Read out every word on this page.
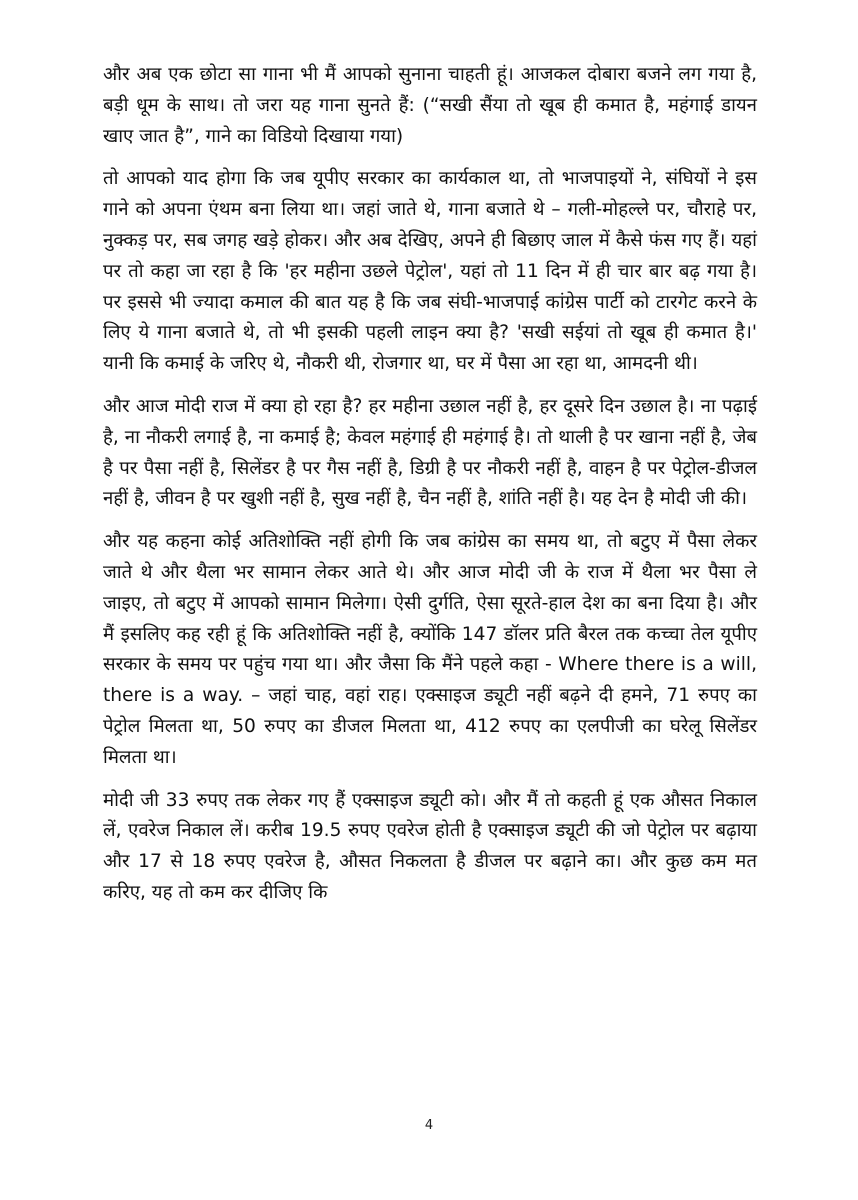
और अब एक छोटा सा गाना भी मैं आपको सुनाना चाहती हूं। आजकल दोबारा बजने लग गया है, बड़ी धूम के साथ। तो जरा यह गाना सुनते हैं: (“सखी सैंया तो खूब ही कमात है, महंगाई डायन खाए जात है”, गाने का विडियो दिखाया गया)

तो आपको याद होगा कि जब यूपीए सरकार का कार्यकाल था, तो भाजपाइयों ने, संघियों ने इस गाने को अपना एंथम बना लिया था। जहां जाते थे, गाना बजाते थे – गली-मोहल्ले पर, चौराहे पर, नुक्कड़ पर, सब जगह खड़े होकर। और अब देखिए, अपने ही बिछाए जाल में कैसे फंस गए हैं। यहां पर तो कहा जा रहा है कि 'हर महीना उछले पेट्रोल', यहां तो 11 दिन में ही चार बार बढ़ गया है। पर इससे भी ज्यादा कमाल की बात यह है कि जब संघी-भाजपाई कांग्रेस पार्टी को टारगेट करने के लिए ये गाना बजाते थे, तो भी इसकी पहली लाइन क्या है? 'सखी सईयां तो खूब ही कमात है।' यानी कि कमाई के जरिए थे, नौकरी थी, रोजगार था, घर में पैसा आ रहा था, आमदनी थी।

और आज मोदी राज में क्या हो रहा है? हर महीना उछाल नहीं है, हर दूसरे दिन उछाल है। ना पढ़ाई है, ना नौकरी लगाई है, ना कमाई है; केवल महंगाई ही महंगाई है। तो थाली है पर खाना नहीं है, जेब है पर पैसा नहीं है, सिलेंडर है पर गैस नहीं है, डिग्री है पर नौकरी नहीं है, वाहन है पर पेट्रोल-डीजल नहीं है, जीवन है पर खुशी नहीं है, सुख नहीं है, चैन नहीं है, शांति नहीं है। यह देन है मोदी जी की।

और यह कहना कोई अतिशोक्ति नहीं होगी कि जब कांग्रेस का समय था, तो बटुए में पैसा लेकर जाते थे और थैला भर सामान लेकर आते थे। और आज मोदी जी के राज में थैला भर पैसा ले जाइए, तो बटुए में आपको सामान मिलेगा। ऐसी दुर्गति, ऐसा सूरते-हाल देश का बना दिया है। और मैं इसलिए कह रही हूं कि अतिशोक्ति नहीं है, क्योंकि 147 डॉलर प्रति बैरल तक कच्चा तेल यूपीए सरकार के समय पर पहुंच गया था। और जैसा कि मैंने पहले कहा - Where there is a will, there is a way. – जहां चाह, वहां राह। एक्साइज ड्यूटी नहीं बढ़ने दी हमने, 71 रुपए का पेट्रोल मिलता था, 50 रुपए का डीजल मिलता था, 412 रुपए का एलपीजी का घरेलू सिलेंडर मिलता था।

मोदी जी 33 रुपए तक लेकर गए हैं एक्साइज ड्यूटी को। और मैं तो कहती हूं एक औसत निकाल लें, एवरेज निकाल लें। करीब 19.5 रुपए एवरेज होती है एक्साइज ड्यूटी की जो पेट्रोल पर बढ़ाया और 17 से 18 रुपए एवरेज है, औसत निकलता है डीजल पर बढ़ाने का। और कुछ कम मत करिए, यह तो कम कर दीजिए कि

4
